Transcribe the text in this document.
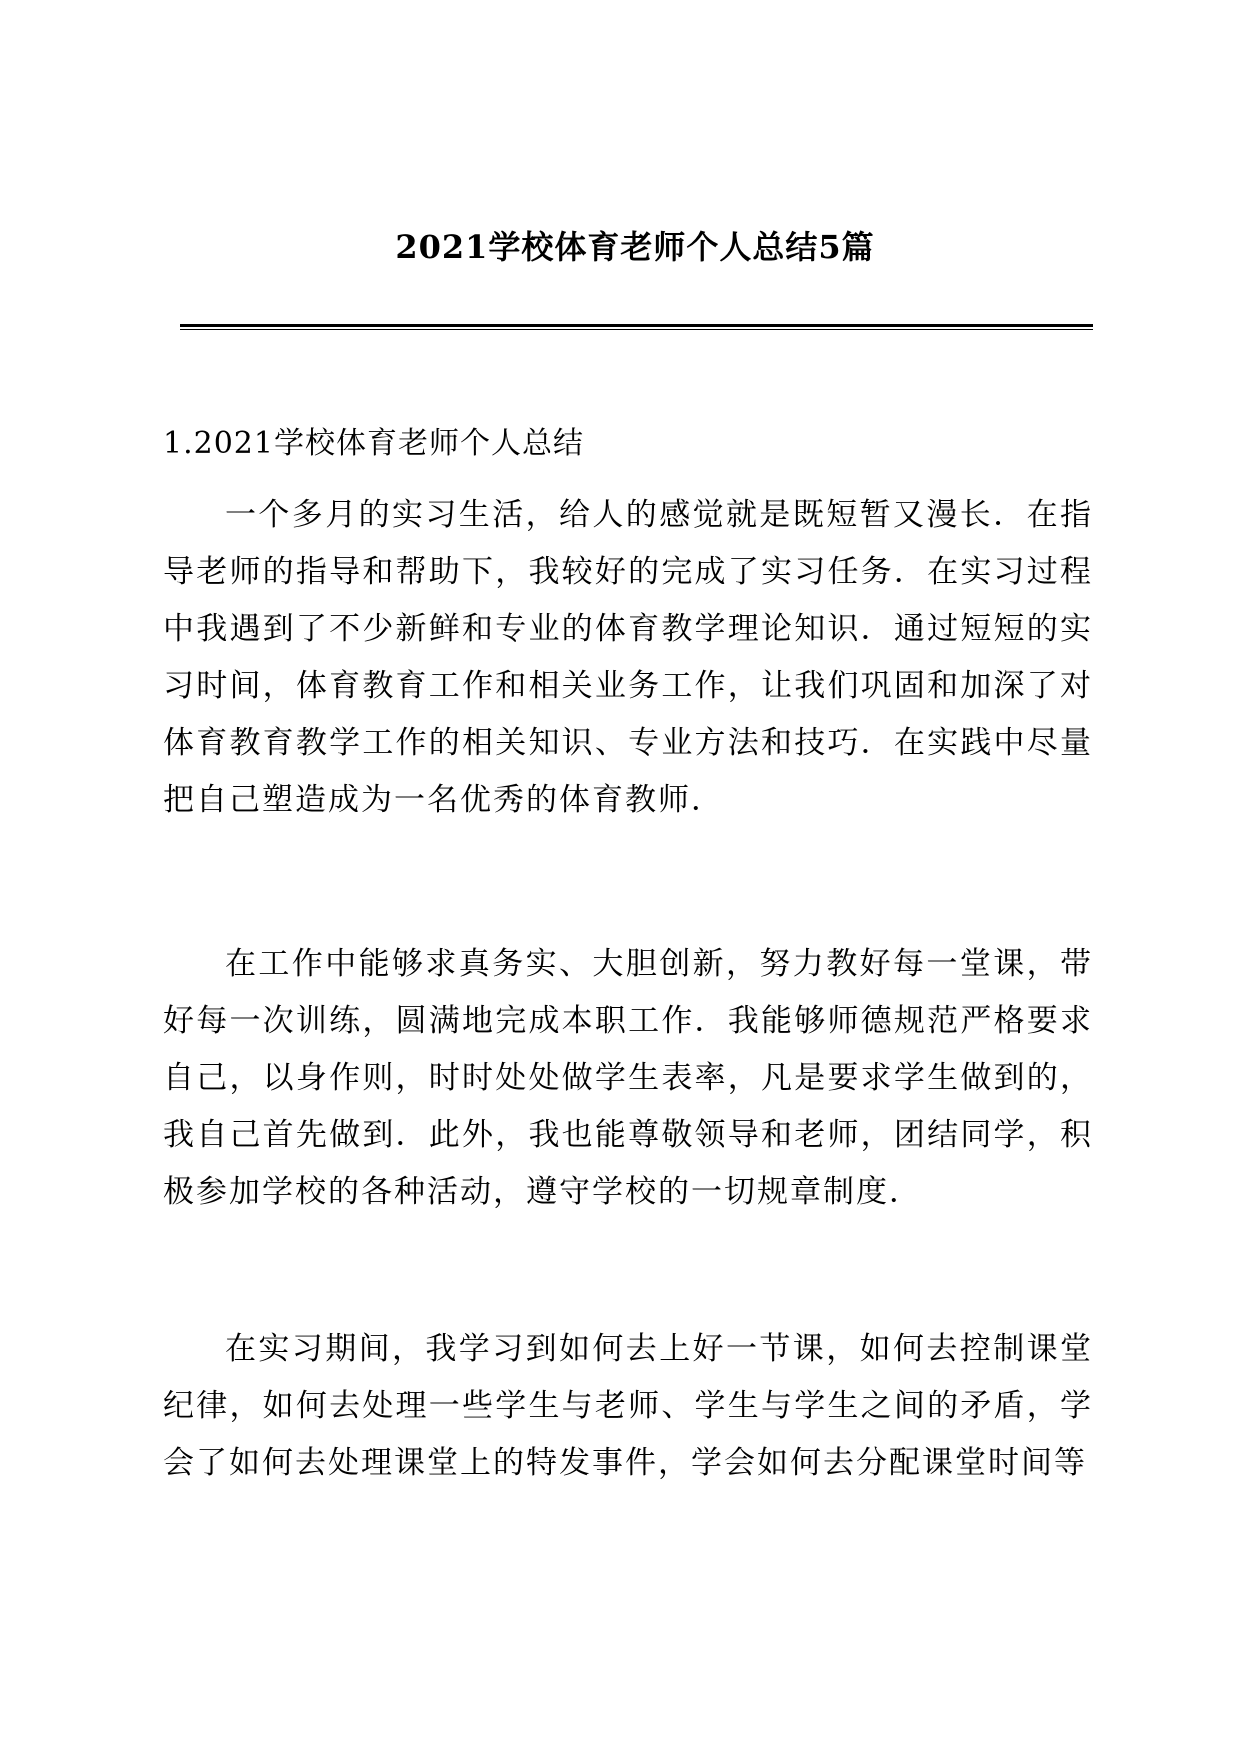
2021学校体育老师个人总结5篇
1.2021学校体育老师个人总结

一个多月的实习生活，给人的感觉就是既短暂又漫长．在指导老师的指导和帮助下，我较好的完成了实习任务．在实习过程中我遇到了不少新鲜和专业的体育教学理论知识．通过短短的实习时间，体育教育工作和相关业务工作，让我们巩固和加深了对体育教育教学工作的相关知识、专业方法和技巧．在实践中尽量把自己塑造成为一名优秀的体育教师．

在工作中能够求真务实、大胆创新，努力教好每一堂课，带好每一次训练，圆满地完成本职工作．我能够师德规范严格要求自己，以身作则，时时处处做学生表率，凡是要求学生做到的，我自己首先做到．此外，我也能尊敬领导和老师，团结同学，积极参加学校的各种活动，遵守学校的一切规章制度．

在实习期间，我学习到如何去上好一节课，如何去控制课堂纪律，如何去处理一些学生与老师、学生与学生之间的矛盾，学会了如何去处理课堂上的特发事件，学会如何去分配课堂时间等
